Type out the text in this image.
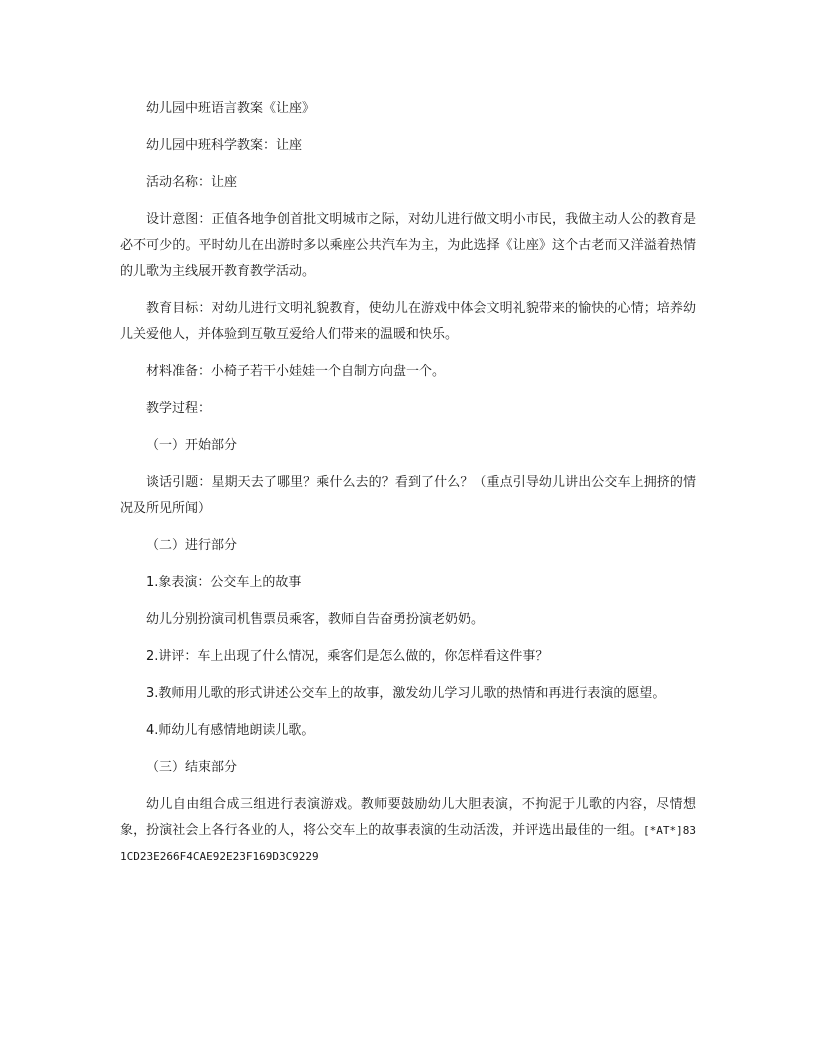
幼儿园中班语言教案《让座》

幼儿园中班科学教案：让座

活动名称：让座

设计意图：正值各地争创首批文明城市之际，对幼儿进行做文明小市民，我做主动人公的教育是必不可少的。平时幼儿在出游时多以乘座公共汽车为主，为此选择《让座》这个古老而又洋溢着热情的儿歌为主线展开教育教学活动。

教育目标：对幼儿进行文明礼貌教育，使幼儿在游戏中体会文明礼貌带来的愉快的心情；培养幼儿关爱他人，并体验到互敬互爱给人们带来的温暖和快乐。

材料准备：小椅子若干小娃娃一个自制方向盘一个。

教学过程：

（一）开始部分

谈话引题：星期天去了哪里？乘什么去的？看到了什么？（重点引导幼儿讲出公交车上拥挤的情况及所见所闻）

（二）进行部分

1.象表演：公交车上的故事

幼儿分别扮演司机售票员乘客，教师自告奋勇扮演老奶奶。

2.讲评：车上出现了什么情况，乘客们是怎么做的，你怎样看这件事？

3.教师用儿歌的形式讲述公交车上的故事，激发幼儿学习儿歌的热情和再进行表演的愿望。

4.师幼儿有感情地朗读儿歌。

（三）结束部分

幼儿自由组合成三组进行表演游戏。教师要鼓励幼儿大胆表演，不拘泥于儿歌的内容，尽情想象，扮演社会上各行各业的人，将公交车上的故事表演的生动活泼，并评选出最佳的一组。[*AT*]831CD23E266F4CAE92E23F169D3C9229
